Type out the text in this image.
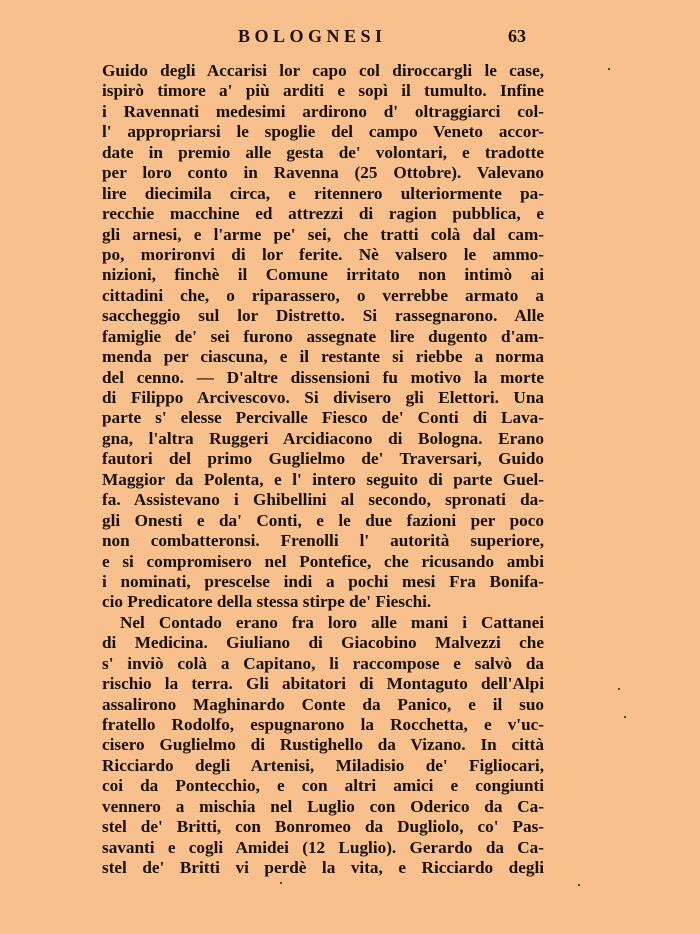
BOLOGNESI	63
Guido degli Accarisi lor capo col diroccargli le case,
ispirò timore a' più arditi e sopì il tumulto. Infine
i Ravennati medesimi ardirono d' oltraggiarci col-
l' appropriarsi le spoglie del campo Veneto accor-
date in premio alle gesta de' volontari, e tradotte
per loro conto in Ravenna (25 Ottobre). Valevano
lire diecimila circa, e ritennero ulteriormente pa-
recchie macchine ed attrezzi di ragion pubblica, e
gli arnesi, e l'arme pe' sei, che tratti colà dal cam-
po, morironvi di lor ferite. Nè valsero le ammo-
nizioni, finchè il Comune irritato non intimò ai
cittadini che, o riparassero, o verrebbe armato a
saccheggio sul lor Distretto. Si rassegnarono. Alle
famiglie de' sei furono assegnate lire dugento d'am-
menda per ciascuna, e il restante si riebbe a norma
del cenno. — D'altre dissensioni fu motivo la morte
di Filippo Arcivescovo. Si divisero gli Elettori. Una
parte s' elesse Percivalle Fiesco de' Conti di Lava-
gna, l'altra Ruggeri Arcidiacono di Bologna. Erano
fautori del primo Guglielmo de' Traversari, Guido
Maggior da Polenta, e l' intero seguito di parte Guel-
fa. Assistevano i Ghibellini al secondo, spronati da-
gli Onesti e da' Conti, e le due fazioni per poco
non combatteronsi. Frenolli l' autorità superiore,
e si compromisero nel Pontefice, che ricusando ambi
i nominati, prescelse indi a pochi mesi Fra Bonifa-
cio Predicatore della stessa stirpe de' Fieschi.
Nel Contado erano fra loro alle mani i Cattanei
di Medicina. Giuliano di Giacobino Malvezzi che
s' inviò colà a Capitano, li raccompose e salvò da
rischio la terra. Gli abitatori di Montaguto dell'Alpi
assalirono Maghinardo Conte da Panico, e il suo
fratello Rodolfo, espugnarono la Rocchetta, e v'uc-
cisero Guglielmo di Rustighello da Vizano. In città
Ricciardo degli Artenisi, Miladisio de' Figliocari,
coi da Pontecchio, e con altri amici e congiunti
vennero a mischia nel Luglio con Oderico da Ca-
stel de' Britti, con Bonromeo da Dugliolo, co' Pas-
savanti e cogli Amidei (12 Luglio). Gerardo da Ca-
stel de' Britti vi perdè la vita, e Ricciardo degli
